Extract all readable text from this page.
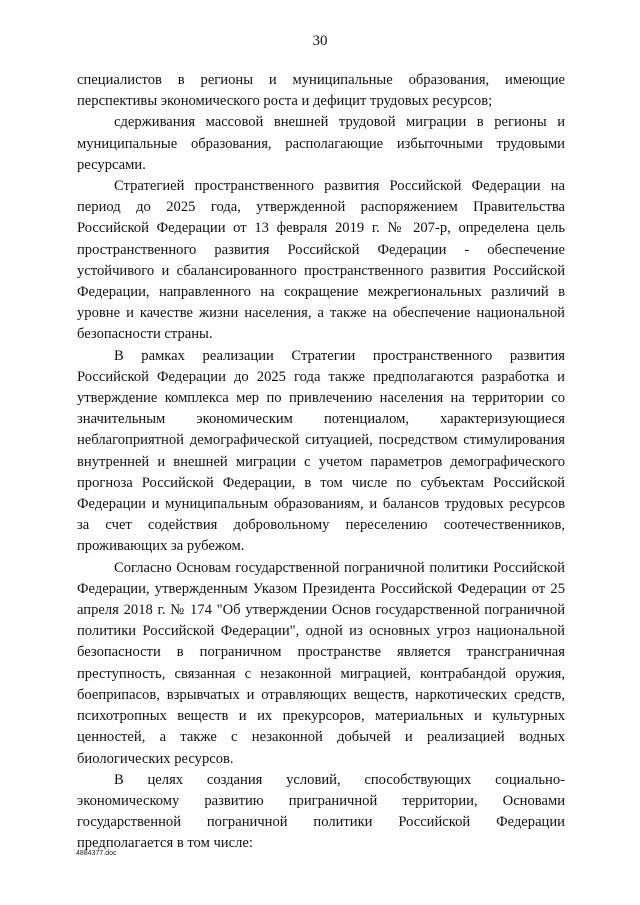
30

специалистов в регионы и муниципальные образования, имеющие перспективы экономического роста и дефицит трудовых ресурсов;

сдерживания массовой внешней трудовой миграции в регионы и муниципальные образования, располагающие избыточными трудовыми ресурсами.

Стратегией пространственного развития Российской Федерации на период до 2025 года, утвержденной распоряжением Правительства Российской Федерации от 13 февраля 2019 г. № 207-р, определена цель пространственного развития Российской Федерации - обеспечение устойчивого и сбалансированного пространственного развития Российской Федерации, направленного на сокращение межрегиональных различий в уровне и качестве жизни населения, а также на обеспечение национальной безопасности страны.

В рамках реализации Стратегии пространственного развития Российской Федерации до 2025 года также предполагаются разработка и утверждение комплекса мер по привлечению населения на территории со значительным экономическим потенциалом, характеризующиеся неблагоприятной демографической ситуацией, посредством стимулирования внутренней и внешней миграции с учетом параметров демографического прогноза Российской Федерации, в том числе по субъектам Российской Федерации и муниципальным образованиям, и балансов трудовых ресурсов за счет содействия добровольному переселению соотечественников, проживающих за рубежом.

Согласно Основам государственной пограничной политики Российской Федерации, утвержденным Указом Президента Российской Федерации от 25 апреля 2018 г. № 174 "Об утверждении Основ государственной пограничной политики Российской Федерации", одной из основных угроз национальной безопасности в пограничном пространстве является трансграничная преступность, связанная с незаконной миграцией, контрабандой оружия, боеприпасов, взрывчатых и отравляющих веществ, наркотических средств, психотропных веществ и их прекурсоров, материальных и культурных ценностей, а также с незаконной добычей и реализацией водных биологических ресурсов.

В целях создания условий, способствующих социально-экономическому развитию приграничной территории, Основами государственной пограничной политики Российской Федерации предполагается в том числе:

4884377.doc
